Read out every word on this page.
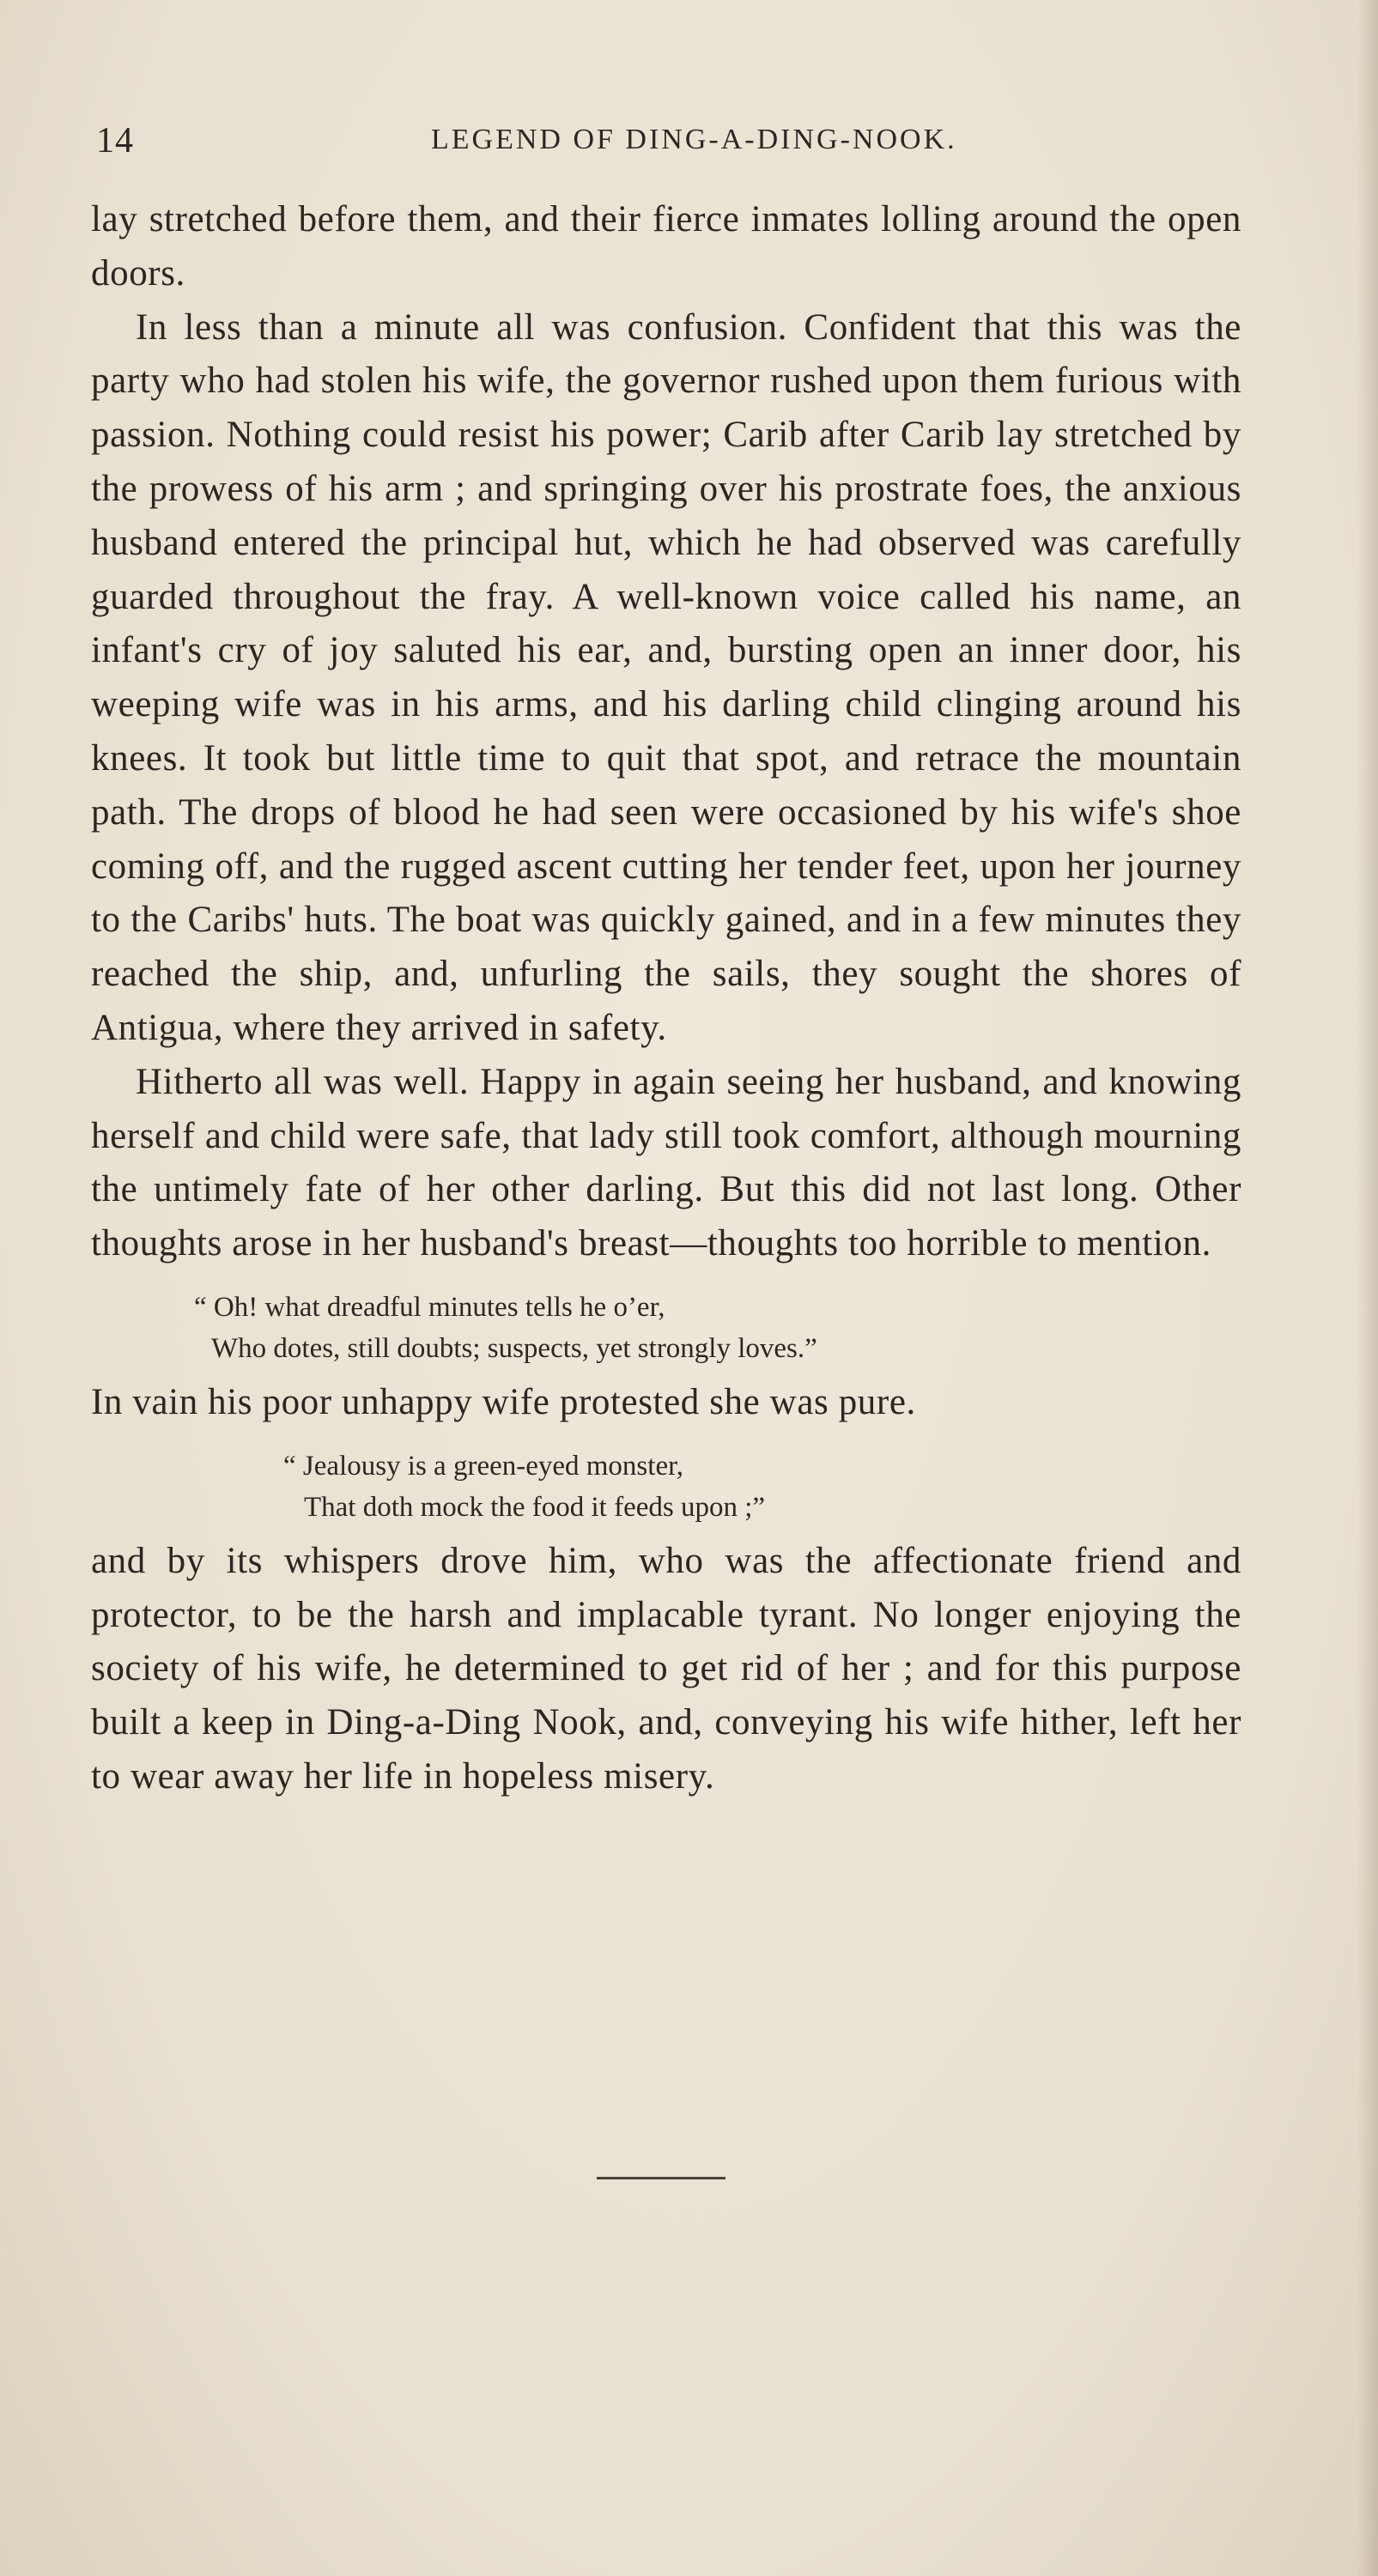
14	LEGEND OF DING-A-DING-NOOK.

lay stretched before them, and their fierce inmates lolling around the open doors.

In less than a minute all was confusion. Confident that this was the party who had stolen his wife, the governor rushed upon them furious with passion. Nothing could resist his power; Carib after Carib lay stretched by the prowess of his arm ; and springing over his prostrate foes, the anxious husband entered the principal hut, which he had observed was carefully guarded throughout the fray. A well-known voice called his name, an infant's cry of joy saluted his ear, and, bursting open an inner door, his weeping wife was in his arms, and his darling child clinging around his knees. It took but little time to quit that spot, and retrace the mountain path. The drops of blood he had seen were occasioned by his wife's shoe coming off, and the rugged ascent cutting her tender feet, upon her journey to the Caribs' huts. The boat was quickly gained, and in a few minutes they reached the ship, and, unfurling the sails, they sought the shores of Antigua, where they arrived in safety.

Hitherto all was well. Happy in again seeing her husband, and knowing herself and child were safe, that lady still took comfort, although mourning the untimely fate of her other darling. But this did not last long. Other thoughts arose in her husband's breast—thoughts too horrible to mention.

“ Oh! what dreadful minutes tells he o’er,
Who dotes, still doubts; suspects, yet strongly loves.”

In vain his poor unhappy wife protested she was pure.

“ Jealousy is a green-eyed monster,
That doth mock the food it feeds upon ;”

and by its whispers drove him, who was the affectionate friend and protector, to be the harsh and implacable tyrant. No longer enjoying the society of his wife, he determined to get rid of her ; and for this purpose built a keep in Ding-a-Ding Nook, and, conveying his wife hither, left her to wear away her life in hopeless misery.
